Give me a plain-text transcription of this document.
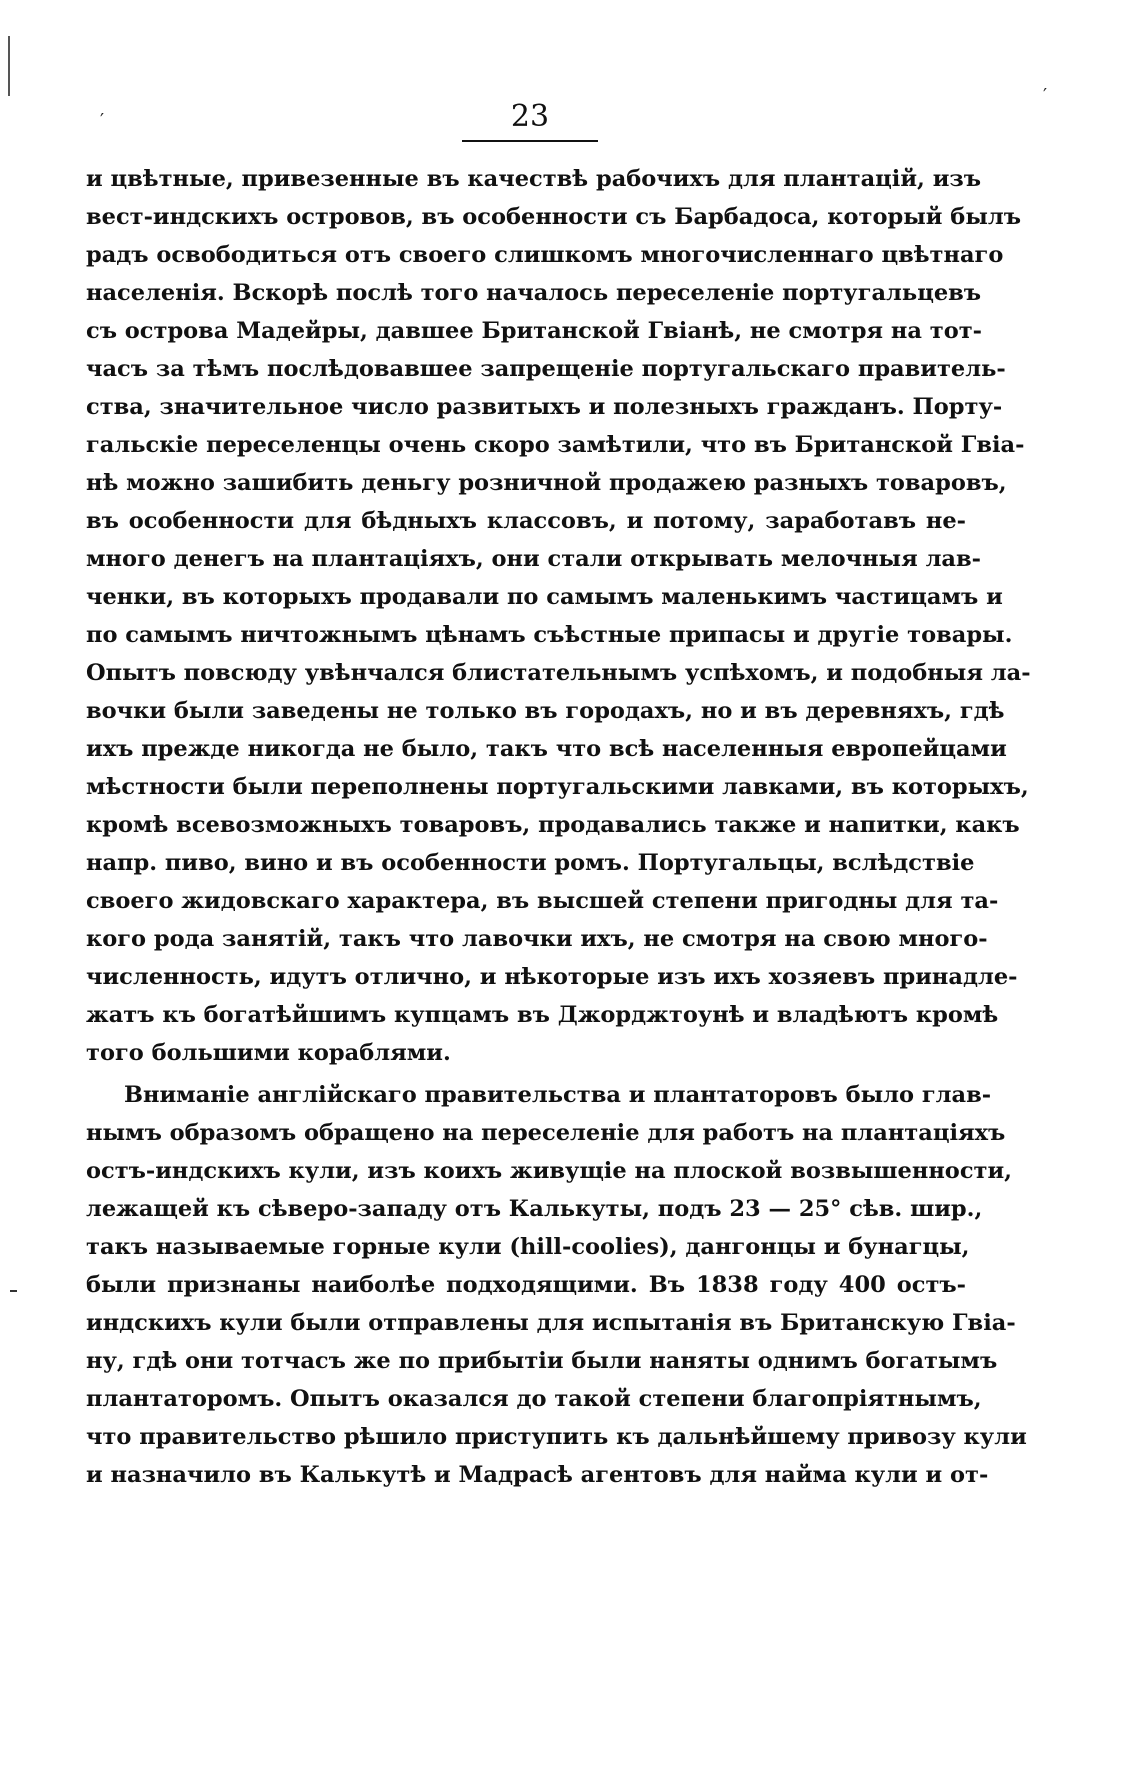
′
′
23
и цвѣтные, привезенные въ качествѣ рабочихъ для плантацій, изъ
вест-индскихъ островов, въ особенности съ Барбадоса, который былъ
радъ освободиться отъ своего слишкомъ многочисленнаго цвѣтнаго
населенія. Вскорѣ послѣ того началось переселеніе португальцевъ
съ острова Мадейры, давшее Британской Гвіанѣ, не смотря на тот-
часъ за тѣмъ послѣдовавшее запрещеніе португальскаго правитель-
ства, значительное число развитыхъ и полезныхъ гражданъ. Порту-
гальскіе переселенцы очень скоро замѣтили, что въ Британской Гвіа-
нѣ можно зашибить деньгу розничной продажею разныхъ товаровъ,
въ особенности для бѣдныхъ классовъ, и потому, заработавъ не-
много денегъ на плантаціяхъ, они стали открывать мелочныя лав-
ченки, въ которыхъ продавали по самымъ маленькимъ частицамъ и
по самымъ ничтожнымъ цѣнамъ съѣстные припасы и другіе товары.
Опытъ повсюду увѣнчался блистательнымъ успѣхомъ, и подобныя ла-
вочки были заведены не только въ городахъ, но и въ деревняхъ, гдѣ
ихъ прежде никогда не было, такъ что всѣ населенныя европейцами
мѣстности были переполнены португальскими лавками, въ которыхъ,
кромѣ всевозможныхъ товаровъ, продавались также и напитки, какъ
напр. пиво, вино и въ особенности ромъ. Португальцы, вслѣдствіе
своего жидовскаго характера, въ высшей степени пригодны для та-
кого рода занятій, такъ что лавочки ихъ, не смотря на свою много-
численность, идутъ отлично, и нѣкоторые изъ ихъ хозяевъ принадле-
жатъ къ богатѣйшимъ купцамъ въ Джорджтоунѣ и владѣютъ кромѣ
того большими кораблями.
Вниманіе англійскаго правительства и плантаторовъ было глав-
нымъ образомъ обращено на переселеніе для работъ на плантаціяхъ
остъ-индскихъ кули, изъ коихъ живущіе на плоской возвышенности,
лежащей къ сѣверо-западу отъ Калькуты, подъ 23 — 25° сѣв. шир.,
такъ называемые горные кули (hill-coolies), дангонцы и бунагцы,
были признаны наиболѣе подходящими. Въ 1838 году 400 остъ-
индскихъ кули были отправлены для испытанія въ Британскую Гвіа-
ну, гдѣ они тотчасъ же по прибытіи были наняты однимъ богатымъ
плантаторомъ. Опытъ оказался до такой степени благопріятнымъ,
что правительство рѣшило приступить къ дальнѣйшему привозу кули
и назначило въ Калькутѣ и Мадрасѣ агентовъ для найма кули и от-
